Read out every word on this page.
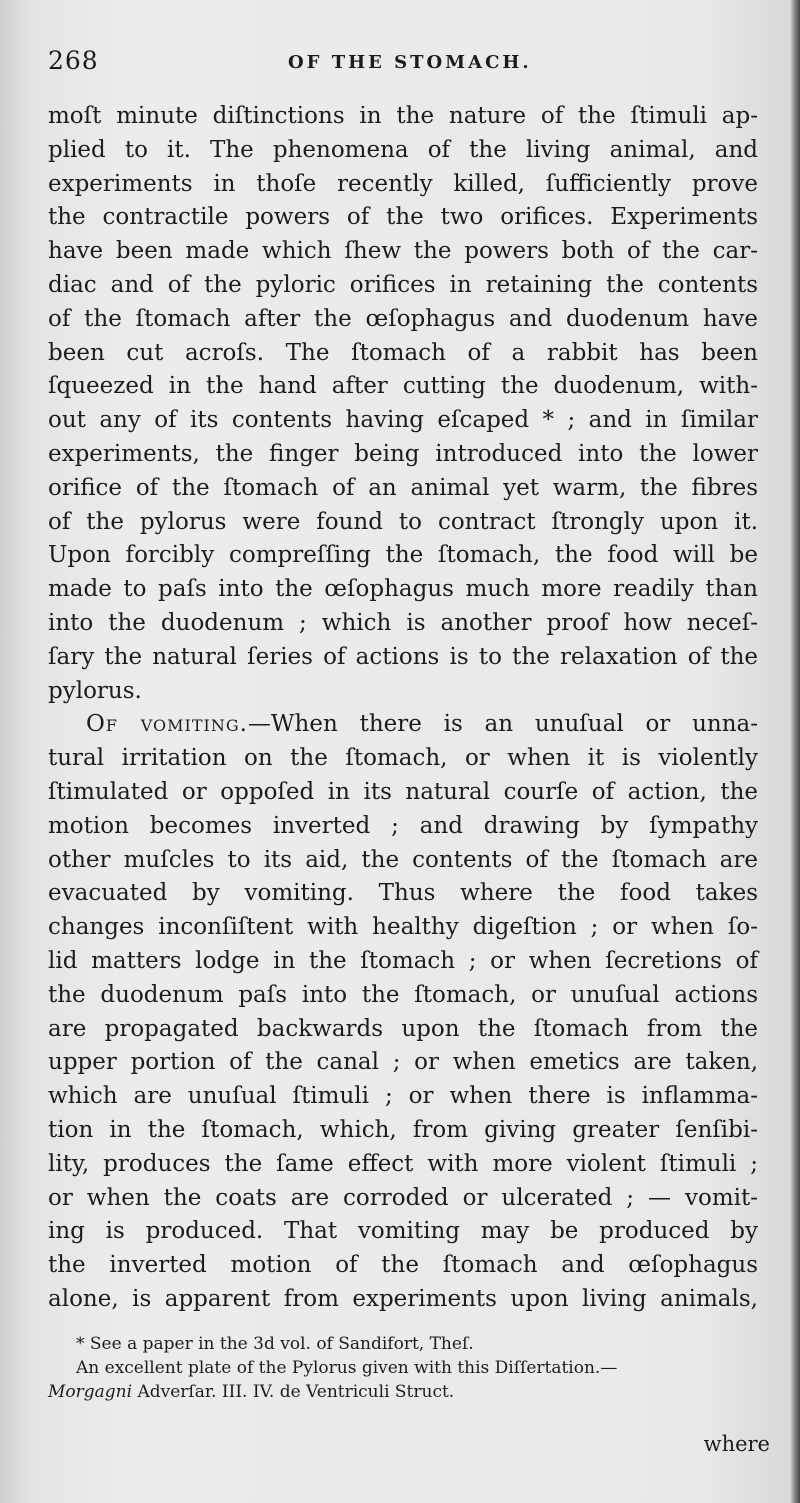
268	OF THE STOMACH.
moſt minute diſtinctions in the nature of the ſtimuli ap-
plied to it. The phenomena of the living animal, and
experiments in thoſe recently killed, ſufficiently prove
the contractile powers of the two orifices. Experiments
have been made which ſhew the powers both of the car-
diac and of the pyloric orifices in retaining the contents
of the ſtomach after the œſophagus and duodenum have
been cut acroſs. The ſtomach of a rabbit has been
ſqueezed in the hand after cutting the duodenum, with-
out any of its contents having eſcaped * ; and in ſimilar
experiments, the finger being introduced into the lower
orifice of the ſtomach of an animal yet warm, the fibres
of the pylorus were found to contract ſtrongly upon it.
Upon forcibly compreſſing the ſtomach, the food will be
made to paſs into the œſophagus much more readily than
into the duodenum ; which is another proof how neceſ-
ſary the natural ſeries of actions is to the relaxation of the
pylorus.
Of vomiting.—When there is an unuſual or unna-
tural irritation on the ſtomach, or when it is violently
ſtimulated or oppoſed in its natural courſe of action, the
motion becomes inverted ; and drawing by ſympathy
other muſcles to its aid, the contents of the ſtomach are
evacuated by vomiting. Thus where the food takes
changes inconſiſtent with healthy digeſtion ; or when ſo-
lid matters lodge in the ſtomach ; or when ſecretions of
the duodenum paſs into the ſtomach, or unuſual actions
are propagated backwards upon the ſtomach from the
upper portion of the canal ; or when emetics are taken,
which are unuſual ſtimuli ; or when there is inflamma-
tion in the ſtomach, which, from giving greater ſenſibi-
lity, produces the ſame effect with more violent ſtimuli ;
or when the coats are corroded or ulcerated ; — vomit-
ing is produced. That vomiting may be produced by
the inverted motion of the ſtomach and œſophagus
alone, is apparent from experiments upon living animals,
* See a paper in the 3d vol. of Sandifort, Theſ.
An excellent plate of the Pylorus given with this Diſſertation.—
Morgagni Adverſar. III. IV. de Ventriculi Struct.
where
